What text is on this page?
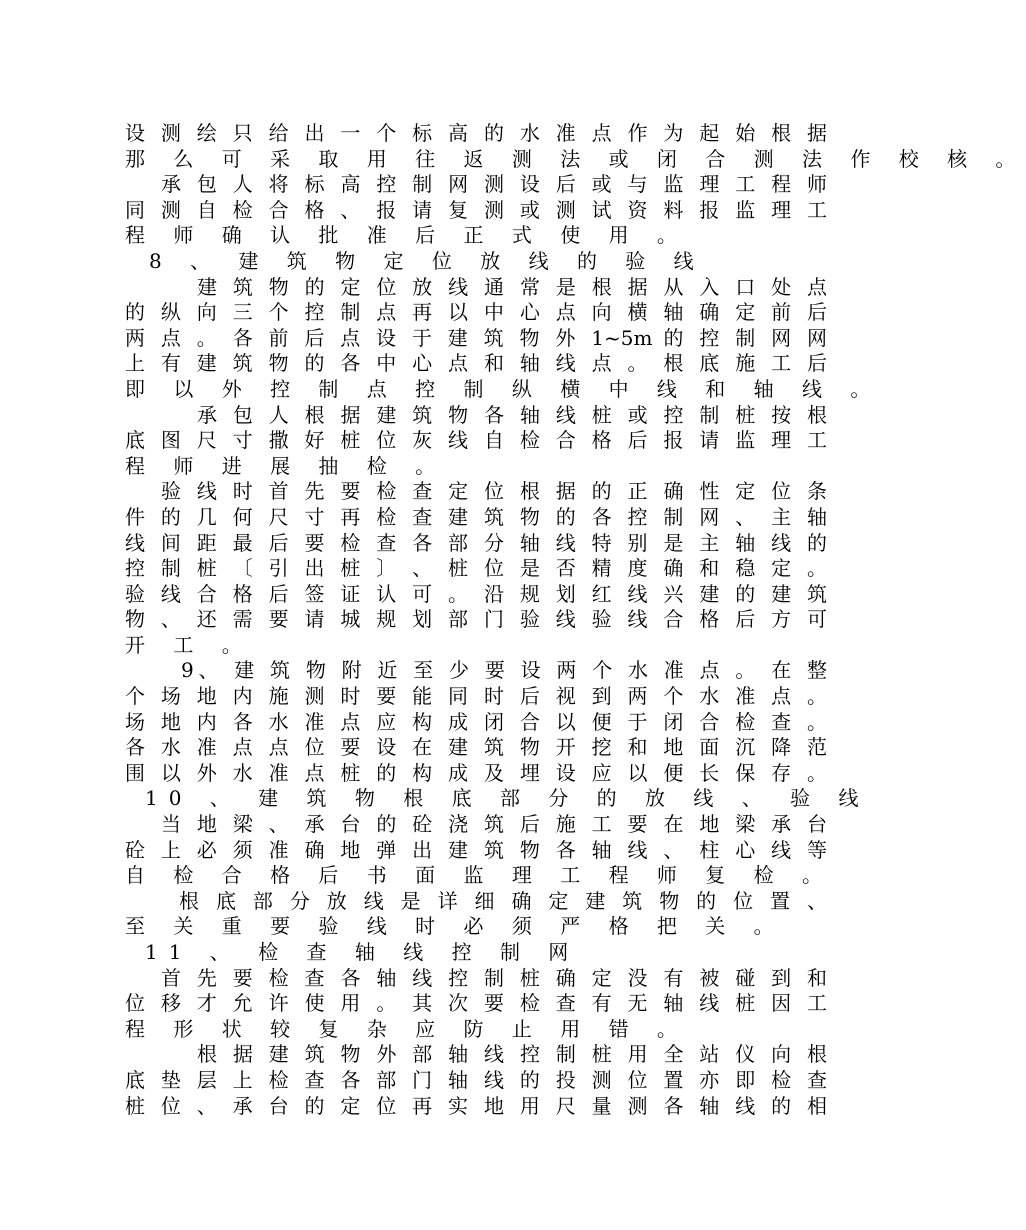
设 测 绘 只 给 出 一 个 标 高 的 水 准 点 作 为 起 始 根 据
那 么 可 采 取 用 往 返 测 法 或 闭 合 测 法 作 校 核 。
承 包 人 将 标 高 控 制 网 测 设 后 或 与 监 理 工 程 师
同 测 自 检 合 格 、 报 请 复 测 或 测 试 资 料 报 监 理 工
程 师 确 认 批 准 后 正 式 使 用 。
8 、 建 筑 物 定 位 放 线 的 验 线
建 筑 物 的 定 位 放 线 通 常 是 根 据 从 入 口 处 点
的 纵 向 三 个 控 制 点 再 以 中 心 点 向 横 轴 确 定 前 后
两 点 。 各 前 后 点 设 于 建 筑 物 外 1~5m 的 控 制 网 网
上 有 建 筑 物 的 各 中 心 点 和 轴 线 点 。 根 底 施 工 后
即 以 外 控 制 点 控 制 纵 横 中 线 和 轴 线 。
承 包 人 根 据 建 筑 物 各 轴 线 桩 或 控 制 桩 按 根
底 图 尺 寸 撒 好 桩 位 灰 线 自 检 合 格 后 报 请 监 理 工
程 师 进 展 抽 检 。
验 线 时 首 先 要 检 查 定 位 根 据 的 正 确 性 定 位 条
件 的 几 何 尺 寸 再 检 查 建 筑 物 的 各 控 制 网 、 主 轴
线 间 距 最 后 要 检 查 各 部 分 轴 线 特 别 是 主 轴 线 的
控 制 桩 〔 引 出 桩 〕 、 桩 位 是 否 精 度 确 和 稳 定 。
验 线 合 格 后 签 证 认 可 。 沿 规 划 红 线 兴 建 的 建 筑
物 、 还 需 要 请 城 规 划 部 门 验 线 验 线 合 格 后 方 可
开 工 。
9、 建 筑 物 附 近 至 少 要 设 两 个 水 准 点 。 在 整
个 场 地 内 施 测 时 要 能 同 时 后 视 到 两 个 水 准 点 。
场 地 内 各 水 准 点 应 构 成 闭 合 以 便 于 闭 合 检 查 。
各 水 准 点 点 位 要 设 在 建 筑 物 开 挖 和 地 面 沉 降 范
围 以 外 水 准 点 桩 的 构 成 及 埋 设 应 以 便 长 保 存 。
10 、 建 筑 物 根 底 部 分 的 放 线 、 验 线
当 地 梁 、 承 台 的 砼 浇 筑 后 施 工 要 在 地 梁 承 台
砼 上 必 须 准 确 地 弹 出 建 筑 物 各 轴 线 、 柱 心 线 等
自 检 合 格 后 书 面 监 理 工 程 师 复 检 。
根 底 部 分 放 线 是 详 细 确 定 建 筑 物 的 位 置 、
至 关 重 要 验 线 时 必 须 严 格 把 关 。
11 、 检 查 轴 线 控 制 网
首 先 要 检 查 各 轴 线 控 制 桩 确 定 没 有 被 碰 到 和
位 移 才 允 许 使 用 。 其 次 要 检 查 有 无 轴 线 桩 因 工
程 形 状 较 复 杂 应 防 止 用 错 。
根 据 建 筑 物 外 部 轴 线 控 制 桩 用 全 站 仪 向 根
底 垫 层 上 检 查 各 部 门 轴 线 的 投 测 位 置 亦 即 检 查
桩 位 、 承 台 的 定 位 再 实 地 用 尺 量 测 各 轴 线 的 相
